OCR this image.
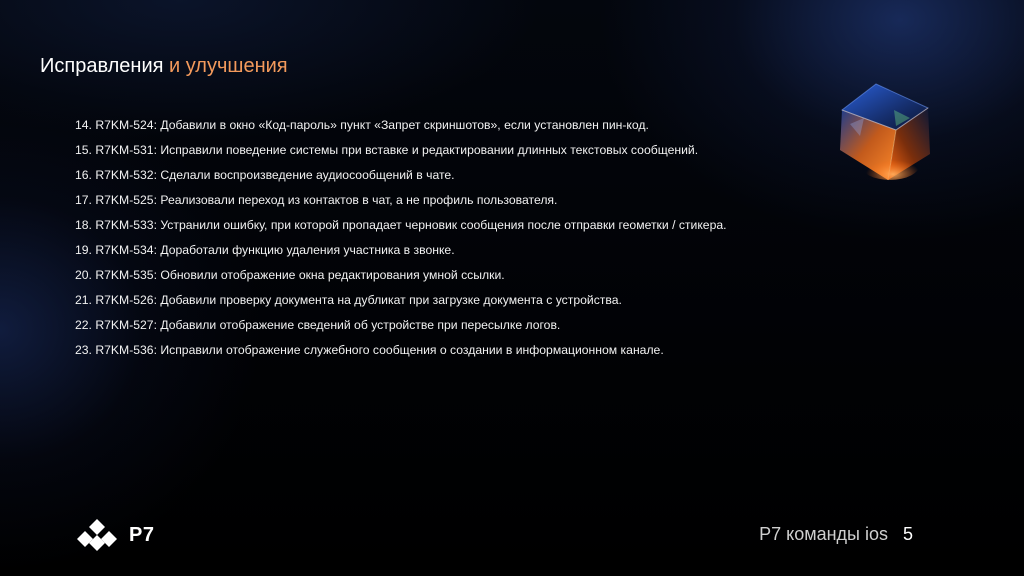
Исправления и улучшения
14. R7KM-524: Добавили в окно «Код-пароль» пункт «Запрет скриншотов», если установлен пин-код.
15. R7KM-531: Исправили поведение системы при вставке и редактировании длинных текстовых сообщений.
16. R7KM-532: Сделали воспроизведение аудиосообщений в чате.
17. R7KM-525: Реализовали переход из контактов в чат, а не профиль пользователя.
18. R7KM-533: Устранили ошибку, при которой пропадает черновик сообщения после отправки геометки / стикера.
19. R7KM-534: Доработали функцию удаления участника в звонке.
20. R7KM-535: Обновили отображение окна редактирования умной ссылки.
21. R7KM-526: Добавили проверку документа на дубликат при загрузке документа с устройства.
22. R7KM-527: Добавили отображение сведений об устройстве при пересылке логов.
23. R7KM-536: Исправили отображение служебного сообщения о создании в информационном канале.
Р7	Р7 команды ios 5
